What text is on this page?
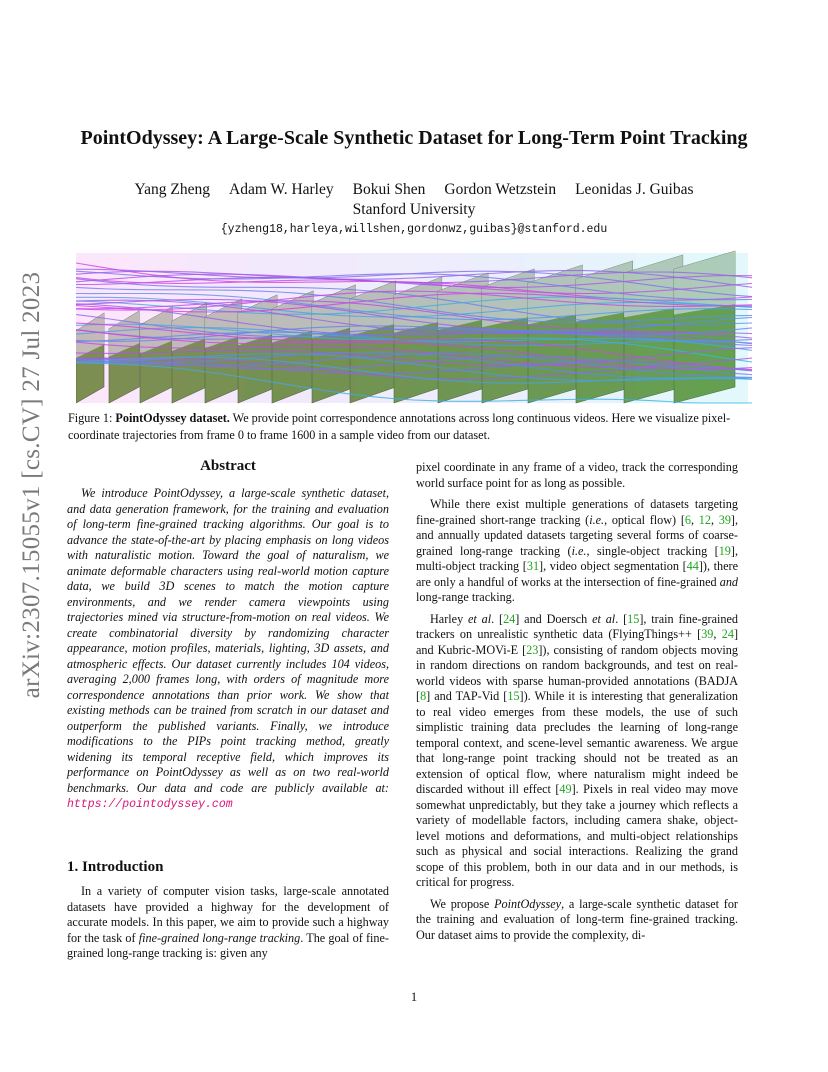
arXiv:2307.15055v1 [cs.CV] 27 Jul 2023
PointOdyssey: A Large-Scale Synthetic Dataset for Long-Term Point Tracking
Yang Zheng Adam W. Harley Bokui Shen Gordon Wetzstein Leonidas J. Guibas
Stanford University
{yzheng18,harleya,willshen,gordonwz,guibas}@stanford.edu
Figure 1: PointOdyssey dataset. We provide point correspondence annotations across long continuous videos. Here we visualize pixel-coordinate trajectories from frame 0 to frame 1600 in a sample video from our dataset.
Abstract
We introduce PointOdyssey, a large-scale synthetic dataset, and data generation framework, for the training and evaluation of long-term fine-grained tracking algorithms. Our goal is to advance the state-of-the-art by placing emphasis on long videos with naturalistic motion. Toward the goal of naturalism, we animate deformable characters using real-world motion capture data, we build 3D scenes to match the motion capture environments, and we render camera viewpoints using trajectories mined via structure-from-motion on real videos. We create combinatorial diversity by randomizing character appearance, motion profiles, materials, lighting, 3D assets, and atmospheric effects. Our dataset currently includes 104 videos, averaging 2,000 frames long, with orders of magnitude more correspondence annotations than prior work. We show that existing methods can be trained from scratch in our dataset and outperform the published variants. Finally, we introduce modifications to the PIPs point tracking method, greatly widening its temporal receptive field, which improves its performance on PointOdyssey as well as on two real-world benchmarks. Our data and code are publicly available at: https://pointodyssey.com
1. Introduction

In a variety of computer vision tasks, large-scale annotated datasets have provided a highway for the development of accurate models. In this paper, we aim to provide such a highway for the task of fine-grained long-range tracking. The goal of fine-grained long-range tracking is: given any

pixel coordinate in any frame of a video, track the corresponding world surface point for as long as possible.

While there exist multiple generations of datasets targeting fine-grained short-range tracking (i.e., optical flow) [6, 12, 39], and annually updated datasets targeting several forms of coarse-grained long-range tracking (i.e., single-object tracking [19], multi-object tracking [31], video object segmentation [44]), there are only a handful of works at the intersection of fine-grained and long-range tracking.

Harley et al. [24] and Doersch et al. [15], train fine-grained trackers on unrealistic synthetic data (FlyingThings++ [39, 24] and Kubric-MOVi-E [23]), consisting of random objects moving in random directions on random backgrounds, and test on real-world videos with sparse human-provided annotations (BADJA [8] and TAP-Vid [15]). While it is interesting that generalization to real video emerges from these models, the use of such simplistic training data precludes the learning of long-range temporal context, and scene-level semantic awareness. We argue that long-range point tracking should not be treated as an extension of optical flow, where naturalism might indeed be discarded without ill effect [49]. Pixels in real video may move somewhat unpredictably, but they take a journey which reflects a variety of modellable factors, including camera shake, object-level motions and deformations, and multi-object relationships such as physical and social interactions. Realizing the grand scope of this problem, both in our data and in our methods, is critical for progress.

We propose PointOdyssey, a large-scale synthetic dataset for the training and evaluation of long-term fine-grained tracking. Our dataset aims to provide the complexity, di-

1
